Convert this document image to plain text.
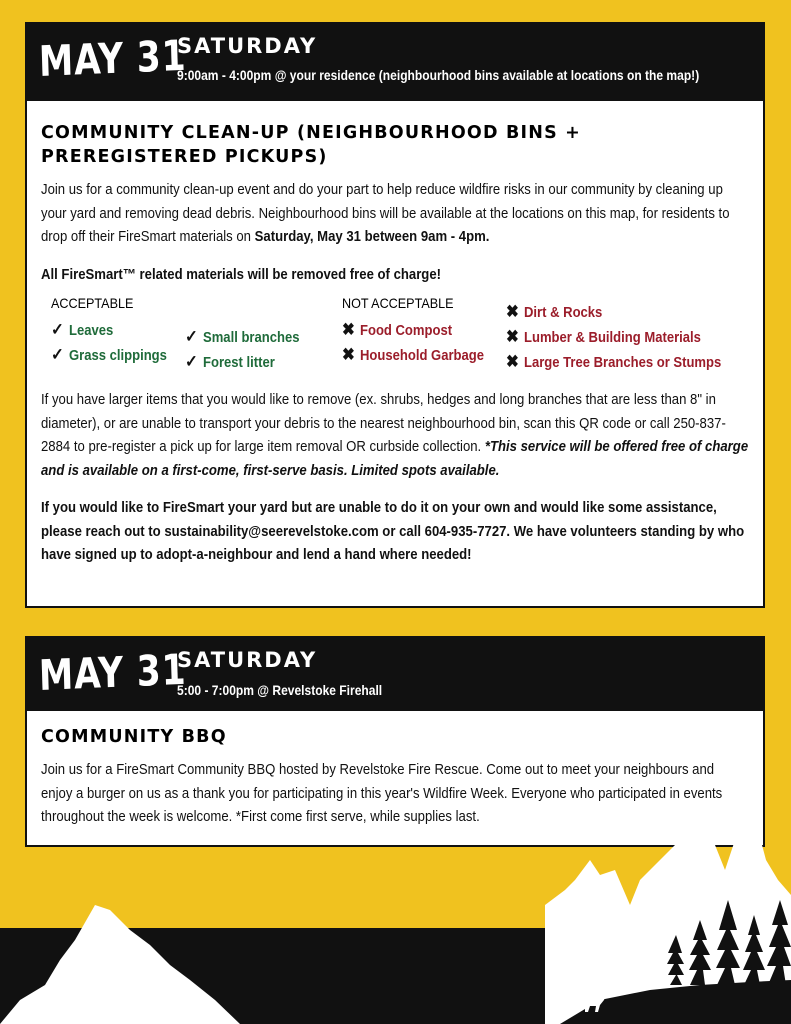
MAY 31
SATURDAY
9:00am - 4:00pm @ your residence (neighbourhood bins available at locations on the map!)
COMMUNITY CLEAN-UP (NEIGHBOURHOOD BINS +
PREREGISTERED PICKUPS)

Join us for a community clean-up event and do your part to help reduce wildfire risks in our community by cleaning up your yard and removing dead debris. Neighbourhood bins will be available at the locations on this map, for residents to drop off their FireSmart materials on Saturday, May 31 between 9am - 4pm.

All FireSmart™ related materials will be removed free of charge!

ACCEPTABLE
✓ Leaves
✓ Grass clippings
✓ Small branches
✓ Forest litter
NOT ACCEPTABLE
✖ Food Compost
✖ Household Garbage
✖ Dirt & Rocks
✖ Lumber & Building Materials
✖ Large Tree Branches or Stumps

If you have larger items that you would like to remove (ex. shrubs, hedges and long branches that are less than 8" in diameter), or are unable to transport your debris to the nearest neighbourhood bin, scan this QR code or call 250-837-2884 to pre-register a pick up for large item removal OR curbside collection. *This service will be offered free of charge and is available on a first-come, first-serve basis. Limited spots available.

If you would like to FireSmart your yard but are unable to do it on your own and would like some assistance, please reach out to sustainability@seerevelstoke.com or call 604-935-7727. We have volunteers standing by who have signed up to adopt-a-neighbour and lend a hand where needed!

MAY 31
SATURDAY
5:00 - 7:00pm @ Revelstoke Firehall
COMMUNITY BBQ

Join us for a FireSmart Community BBQ hosted by Revelstoke Fire Rescue. Come out to meet your neighbours and enjoy a burger on us as a thank you for participating in this year's Wildfire Week. Everyone who participated in events throughout the week is welcome. *First come first serve, while supplies last.
